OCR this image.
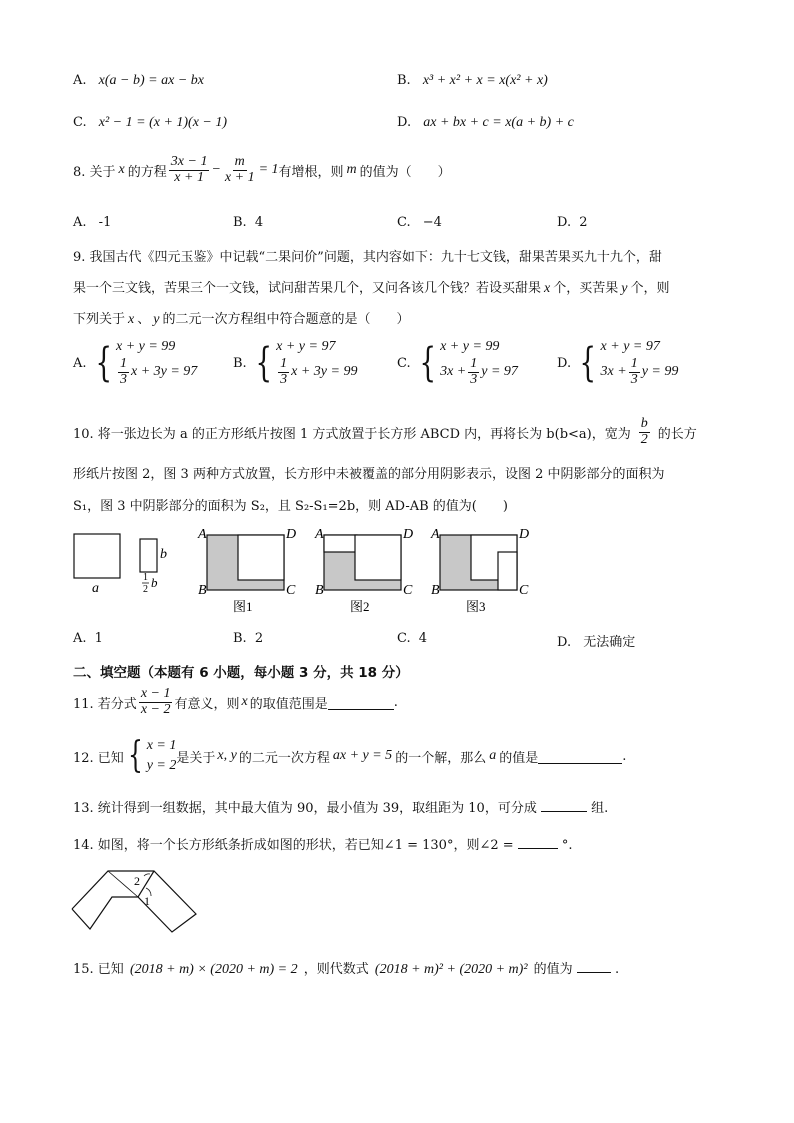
A. x(a − b) = ax − bx	B. x³ + x² + x = x(x² + x)
C. x² − 1 = (x + 1)(x − 1)	D. ax + bx + c = x(a + b) + c
8. 关于 x 的方程 $\frac{3x - 1}{x + 1} - \frac{m}{x + 1} = 1$ 有增根，则 m 的值为（　　）
A. -1	B. 4	C. −4	D. 2
9. 我国古代《四元玉鉴》中记载“二果问价”问题，其内容如下：九十七文钱，甜果苦果买九十九个，甜
果一个三文钱，苦果三个一文钱，试问甜苦果几个，又问各该几个钱？若设买甜果 x 个，买苦果 y 个，则
下列关于 x 、 y 的二元一次方程组中符合题意的是（　　）
A. { x + y = 99
$\frac{1}{3}$ x + 3y = 97
B. { x + y = 97
$\frac{1}{3}$ x + 3y = 99
C. { x + y = 99
$3x + \frac{1}{3}$ y = 97
D. { x + y = 97
$3x + \frac{1}{3}$ y = 99
10. 将一张边长为 a 的正方形纸片按图 1 方式放置于长方形 ABCD 内，再将长为 b(b<a)，宽为 $\frac{b}{2}$ 的长方
形纸片按图 2，图 3 两种方式放置，长方形中未被覆盖的部分用阴影表示，设图 2 中阴影部分的面积为
S₁，图 3 中阴影部分的面积为 S₂，且 S₂-S₁=2b，则 AD-AB 的值为(　　)
a
b
1
2 b
A	D
B	C
图1
A	D
B	C
图2
A	D
B	C
图3
A. 1	B. 2	C. 4	D. 无法确定
二、填空题（本题有 6 小题，每小题 3 分，共 18 分）
11. 若分式 $\frac{x - 1}{x - 2}$ 有意义，则 x 的取值范围是	.
12. 已知 { x = 1
y = 2 是关于 x, y 的二元一次方程 ax + y = 5 的一个解，那么 a 的值是	.
13. 统计得到一组数据，其中最大值为 90，最小值为 39，取组距为 10，可分成	组.
14. 如图，将一个长方形纸条折成如图的形状，若已知∠1 = 130°，则∠2 =	°.
1
2
15. 已知 (2018 + m) × (2020 + m) = 2 ，则代数式 (2018 + m)² + (2020 + m)² 的值为	.
